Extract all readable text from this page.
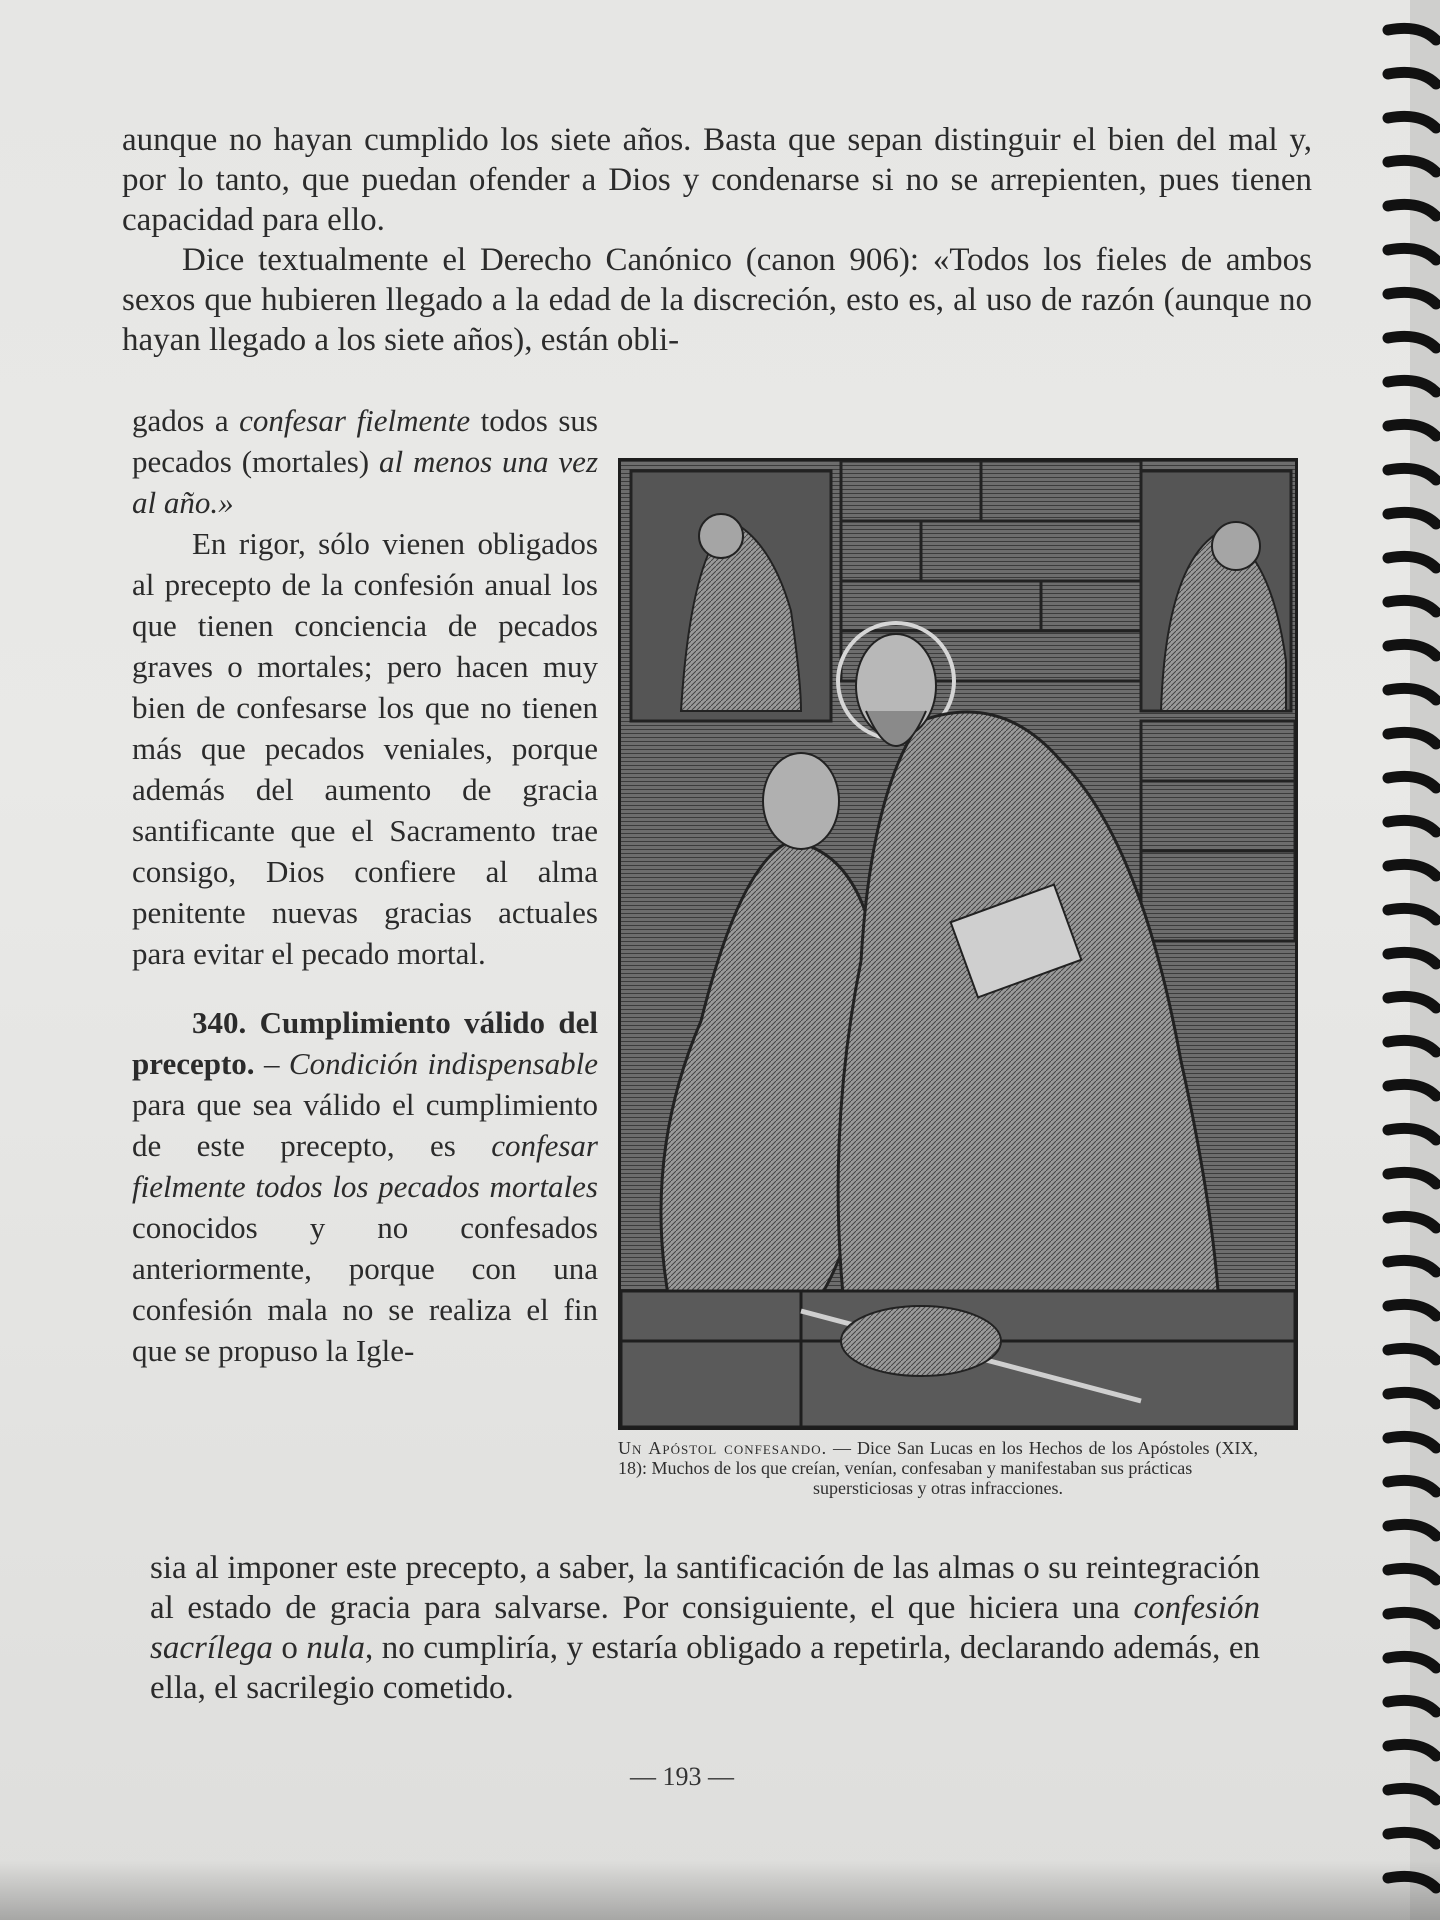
aunque no hayan cumplido los siete años. Basta que sepan distinguir el bien del mal y, por lo tanto, que puedan ofender a Dios y condenarse si no se arrepienten, pues tienen capacidad para ello.

Dice textualmente el Derecho Canónico (canon 906): «Todos los fieles de ambos sexos que hubieren llegado a la edad de la discreción, esto es, al uso de razón (aunque no hayan llegado a los siete años), están obli-

gados a confesar fielmente todos sus pecados (mortales) al menos una vez al año.»

En rigor, sólo vienen obligados al precepto de la confesión anual los que tienen conciencia de pecados graves o mortales; pero hacen muy bien de confesarse los que no tienen más que pecados veniales, porque además del aumento de gracia santificante que el Sacramento trae consigo, Dios confiere al alma penitente nuevas gracias actuales para evitar el pecado mortal.

340. Cumplimiento válido del precepto. – Condición indispensable para que sea válido el cumplimiento de este precepto, es confesar fielmente todos los pecados mortales conocidos y no confesados anteriormente, porque con una confesión mala no se realiza el fin que se propuso la Igle-

Un Apóstol confesando. — Dice San Lucas en los Hechos de los Apóstoles (XIX, 18): Muchos de los que creían, venían, confesaban y manifestaban sus prácticas

supersticiosas y otras infracciones.

sia al imponer este precepto, a saber, la santificación de las almas o su reintegración al estado de gracia para salvarse. Por consiguiente, el que hiciera una confesión sacrílega o nula, no cumpliría, y estaría obligado a repetirla, declarando además, en ella, el sacrilegio cometido.

— 193 —
